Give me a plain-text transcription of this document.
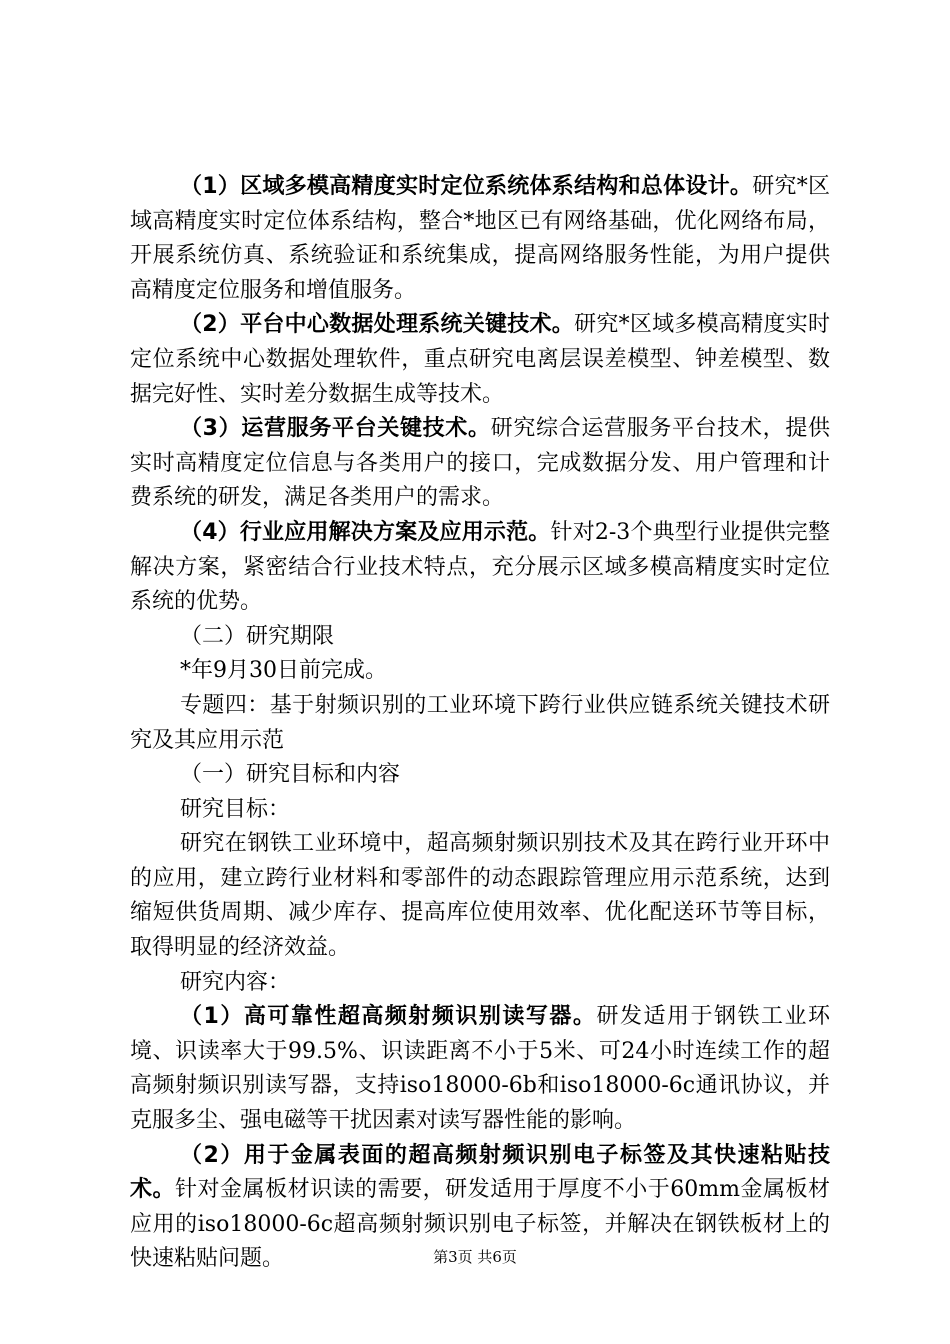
（1）区域多模高精度实时定位系统体系结构和总体设计。研究*区域高精度实时定位体系结构，整合*地区已有网络基础，优化网络布局，开展系统仿真、系统验证和系统集成，提高网络服务性能，为用户提供高精度定位服务和增值服务。

（2）平台中心数据处理系统关键技术。研究*区域多模高精度实时定位系统中心数据处理软件，重点研究电离层误差模型、钟差模型、数据完好性、实时差分数据生成等技术。

（3）运营服务平台关键技术。研究综合运营服务平台技术，提供实时高精度定位信息与各类用户的接口，完成数据分发、用户管理和计费系统的研发，满足各类用户的需求。

（4）行业应用解决方案及应用示范。针对2-3个典型行业提供完整解决方案，紧密结合行业技术特点，充分展示区域多模高精度实时定位系统的优势。

（二）研究期限

*年9月30日前完成。

专题四：基于射频识别的工业环境下跨行业供应链系统关键技术研究及其应用示范

（一）研究目标和内容

研究目标：

研究在钢铁工业环境中，超高频射频识别技术及其在跨行业开环中的应用，建立跨行业材料和零部件的动态跟踪管理应用示范系统，达到缩短供货周期、减少库存、提高库位使用效率、优化配送环节等目标，取得明显的经济效益。

研究内容：

（1）高可靠性超高频射频识别读写器。研发适用于钢铁工业环境、识读率大于99.5%、识读距离不小于5米、可24小时连续工作的超高频射频识别读写器，支持iso18000-6b和iso18000-6c通讯协议，并克服多尘、强电磁等干扰因素对读写器性能的影响。

（2）用于金属表面的超高频射频识别电子标签及其快速粘贴技术。针对金属板材识读的需要，研发适用于厚度不小于60mm金属板材应用的iso18000-6c超高频射频识别电子标签，并解决在钢铁板材上的快速粘贴问题。	第3页 共6页
